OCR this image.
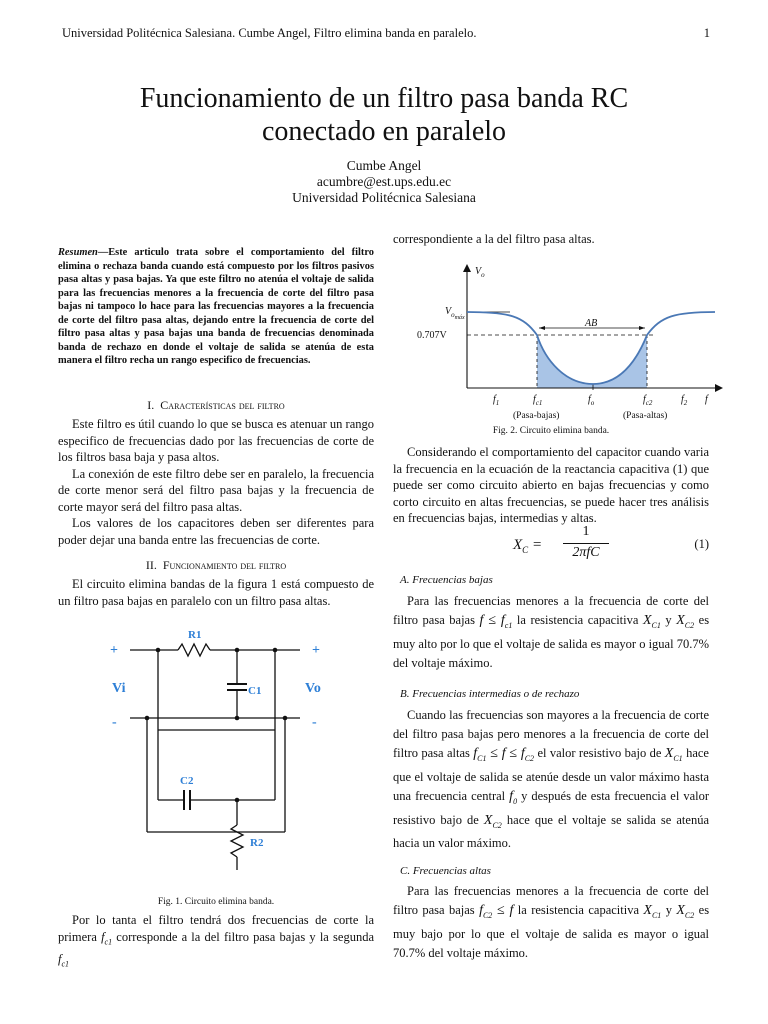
Universidad Politécnica Salesiana. Cumbe Angel, Filtro elimina banda en paralelo.	1
Funcionamiento de un filtro pasa banda RC
conectado en paralelo
Cumbe Angel
acumbre@est.ups.edu.ec
Universidad Politécnica Salesiana
Resumen—Este articulo trata sobre el comportamiento del filtro elimina o rechaza banda cuando está compuesto por los filtros pasivos pasa altas y pasa bajas. Ya que este filtro no atenúa el voltaje de salida para las frecuencias menores a la frecuencia de corte del filtro pasa bajas ni tampoco lo hace para las frecuencias mayores a la frecuencia de corte del filtro pasa altas, dejando entre la frecuencia de corte del filtro pasa altas y pasa bajas una banda de frecuencias denominada banda de rechazo en donde el voltaje de salida se atenúa de esta manera el filtro recha un rango especifico de frecuencias.
I. Características del filtro

Este filtro es útil cuando lo que se busca es atenuar un rango especifico de frecuencias dado por las frecuencias de corte de los filtros basa baja y pasa altos.

La conexión de este filtro debe ser en paralelo, la frecuencia de corte menor será del filtro pasa bajas y la frecuencia de corte mayor será del filtro pasa altas.

Los valores de los capacitores deben ser diferentes para poder dejar una banda entre las frecuencias de corte.

II. Funcionamiento del filtro

El circuito elimina bandas de la figura 1 está compuesto de un filtro pasa bajas en paralelo con un filtro pasa altas.

R1
C1
C2
R2
Vi	Vo
+	+
-	-
Fig. 1. Circuito elimina banda.

Por lo tanta el filtro tendrá dos frecuencias de corte la primera $f_{c1}$ corresponde a la del filtro pasa bajas y la segunda $f_{c1}$

correspondiente a la del filtro pasa altas.
$V_o$
$V_{omáx}$
0.707V
AB
$f_1$	$f_{c1}$	$f_o$	$f_{c2}$	$f_2$ f
(Pasa-bajas)	(Pasa-altas)
Fig. 2. Circuito elimina banda.

Considerando el comportamiento del capacitor cuando varia la frecuencia en la ecuación de la reactancia capacitiva (1) que puede ser como circuito abierto en bajas frecuencias y como corto circuito en altas frecuencias, se puede hacer tres análisis en frecuencias bajas, intermedias y altas.

$X_C$ =
1
2πfC
(1)
A. Frecuencias bajas

Para las frecuencias menores a la frecuencia de corte del filtro pasa bajas $f \le f_{c1}$ la resistencia capacitiva $X_{C1}$ y $X_{C2}$ es muy alto por lo que el voltaje de salida es mayor o igual 70.7% del voltaje máximo.

B. Frecuencias intermedias o de rechazo

Cuando las frecuencias son mayores a la frecuencia de corte del filtro pasa bajas pero menores a la frecuencia de corte del filtro pasa altas $f_{C1} \le f \le f_{C2}$ el valor resistivo bajo de $X_{C1}$ hace que el voltaje de salida se atenúe desde un valor máximo hasta una frecuencia central $f_0$ y después de esta frecuencia el valor resistivo bajo de $X_{C2}$ hace que el voltaje se salida se atenúa hacia un valor máximo.

C. Frecuencias altas

Para las frecuencias menores a la frecuencia de corte del filtro pasa bajas $f_{C2} \le f$ la resistencia capacitiva $X_{C1}$ y $X_{C2}$ es muy bajo por lo que el voltaje de salida es mayor o igual 70.7% del voltaje máximo.
